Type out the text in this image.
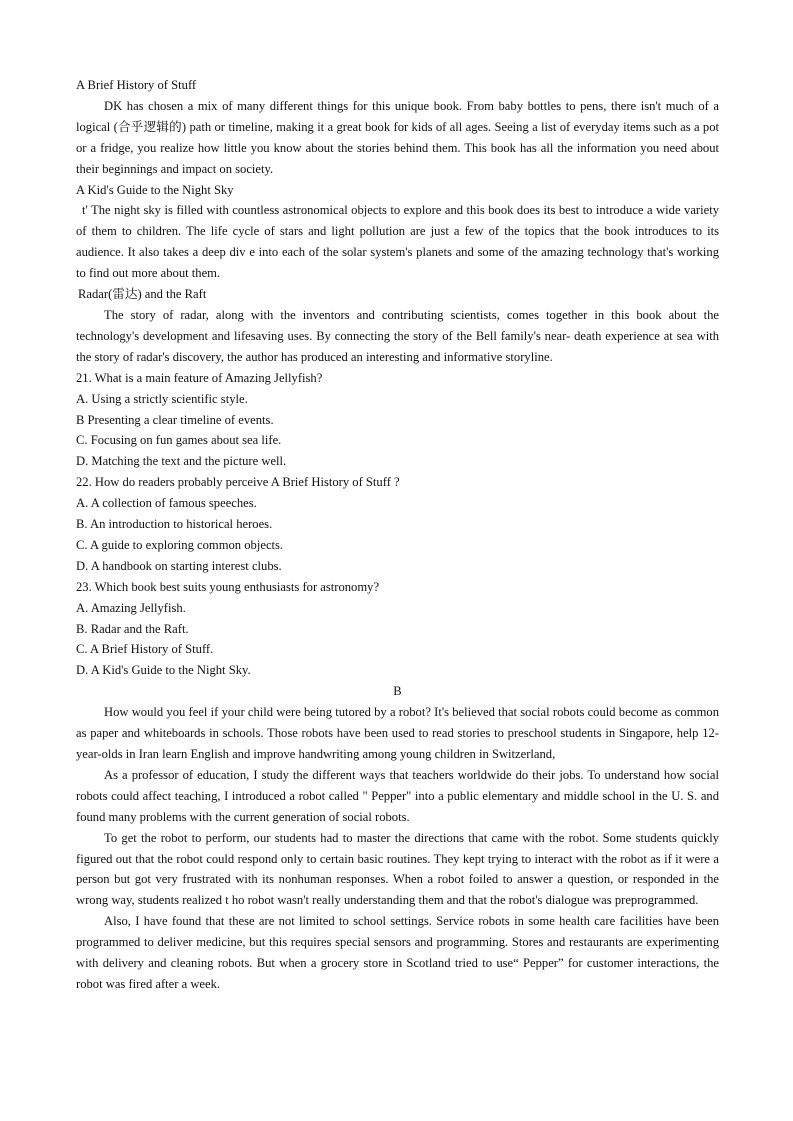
A Brief History of Stuff

DK has chosen a mix of many different things for this unique book. From baby bottles to pens, there isn't much of a logical (合乎逻辑的) path or timeline, making it a great book for kids of all ages. Seeing a list of everyday items such as a pot or a fridge, you realize how little you know about the stories behind them. This book has all the information you need about their beginnings and impact on society.

A Kid's Guide to the Night Sky

t' The night sky is filled with countless astronomical objects to explore and this book does its best to introduce a wide variety of them to children. The life cycle of stars and light pollution are just a few of the topics that the book introduces to its audience. It also takes a deep div e into each of the solar system's planets and some of the amazing technology that's working to find out more about them.

Radar(雷达) and the Raft

The story of radar, along with the inventors and contributing scientists, comes together in this book about the technology's development and lifesaving uses. By connecting the story of the Bell family's near- death experience at sea with the story of radar's discovery, the author has produced an interesting and informative storyline.

21. What is a main feature of Amazing Jellyfish?

A. Using a strictly scientific style.

B Presenting a clear timeline of events.

C. Focusing on fun games about sea life.

D. Matching the text and the picture well.

22. How do readers probably perceive A Brief History of Stuff ?

A. A collection of famous speeches.

B. An introduction to historical heroes.

C. A guide to exploring common objects.

D. A handbook on starting interest clubs.

23. Which book best suits young enthusiasts for astronomy?

A. Amazing Jellyfish.

B. Radar and the Raft.

C. A Brief History of Stuff.

D. A Kid's Guide to the Night Sky.

B

How would you feel if your child were being tutored by a robot? It's believed that social robots could become as common as paper and whiteboards in schools. Those robots have been used to read stories to preschool students in Singapore, help 12- year-olds in Iran learn English and improve handwriting among young children in Switzerland,

As a professor of education, I study the different ways that teachers worldwide do their jobs. To understand how social robots could affect teaching, I introduced a robot called " Pepper" into a public elementary and middle school in the U. S. and found many problems with the current generation of social robots.

To get the robot to perform, our students had to master the directions that came with the robot. Some students quickly figured out that the robot could respond only to certain basic routines. They kept trying to interact with the robot as if it were a person but got very frustrated with its nonhuman responses. When a robot foiled to answer a question, or responded in the wrong way, students realized t ho robot wasn't really understanding them and that the robot's dialogue was preprogrammed.

Also, I have found that these are not limited to school settings. Service robots in some health care facilities have been programmed to deliver medicine, but this requires special sensors and programming. Stores and restaurants are experimenting with delivery and cleaning robots. But when a grocery store in Scotland tried to use“ Pepper” for customer interactions, the robot was fired after a week.
